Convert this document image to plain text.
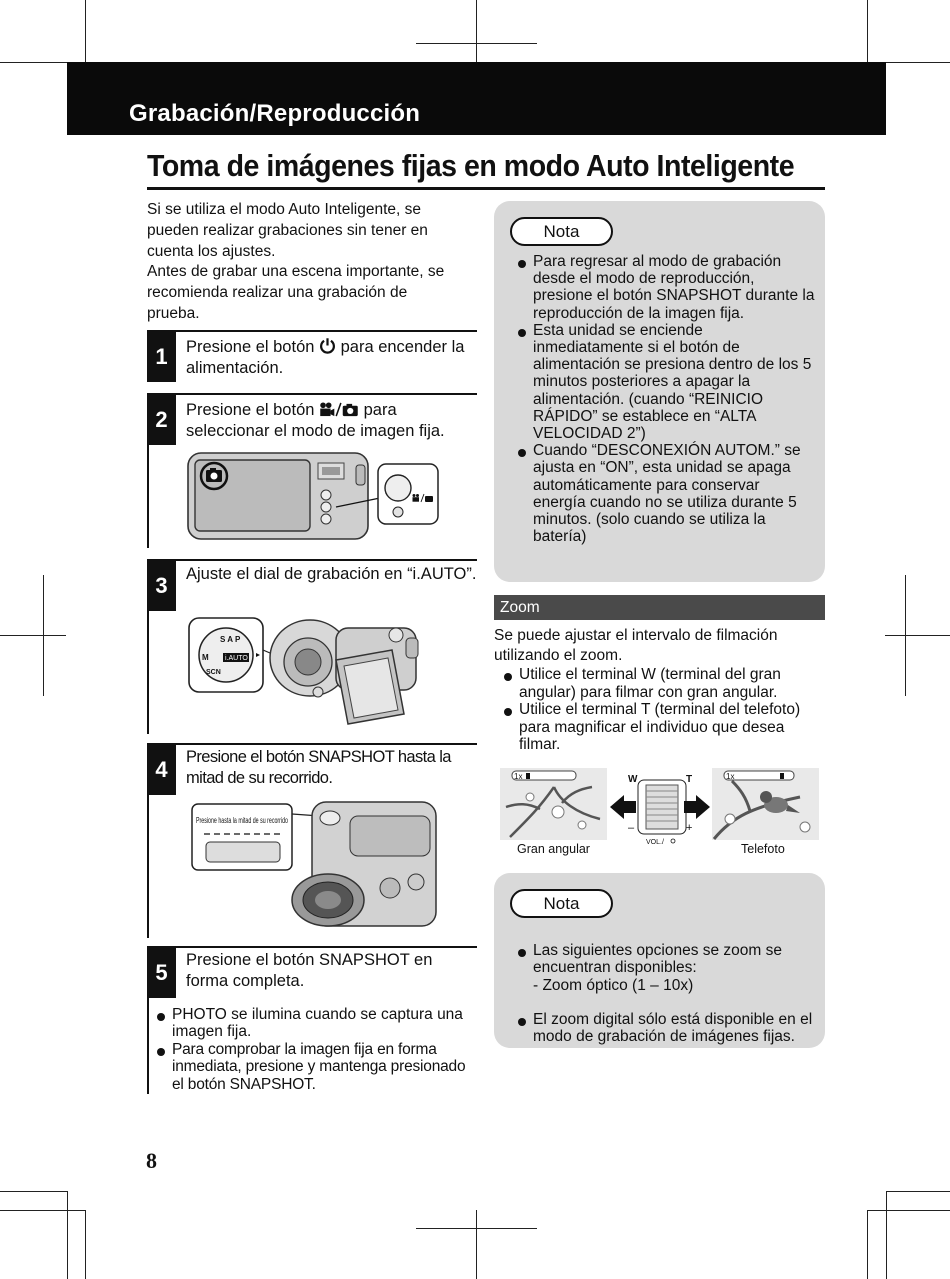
Grabación/Reproducción
Toma de imágenes fijas en modo Auto Inteligente
Si se utiliza el modo Auto Inteligente, se
pueden realizar grabaciones sin tener en
cuenta los ajustes.
Antes de grabar una escena importante, se
recomienda realizar una grabación de
prueba.
1	Presione el botón  para encender la alimentación.
2	Presione el botón  para seleccionar el modo de imagen fija.
3	Ajuste el dial de grabación en “i.AUTO”.
S A P
M
SCN
i.AUTO
4	Presione el botón SNAPSHOT hasta la mitad de su recorrido.
Presione hasta la mitad de su recorrido
5	Presione el botón SNAPSHOT en forma completa.
PHOTO se ilumina cuando se captura una imagen fija.
Para comprobar la imagen fija en forma inmediata, presione y mantenga presionado el botón SNAPSHOT.
Nota
Para regresar al modo de grabación desde el modo de reproducción, presione el botón SNAPSHOT durante la reproducción de la imagen fija.
Esta unidad se enciende inmediatamente si el botón de alimentación se presiona dentro de los 5 minutos posteriores a apagar la alimentación. (cuando “REINICIO RÁPIDO” se establece en “ALTA VELOCIDAD 2”)
Cuando “DESCONEXIÓN AUTOM.” se ajusta en “ON”, esta unidad se apaga automáticamente para conservar energía cuando no se utiliza durante 5 minutos. (solo cuando se utiliza la batería)
Zoom
Se puede ajustar el intervalo de filmación utilizando el zoom.
Utilice el terminal W (terminal del gran angular) para filmar con gran angular.
Utilice el terminal T (terminal del telefoto) para magnificar el individuo que desea filmar.
1x	W	T
–	+
VOL./
1x
Gran angular	Telefoto
Nota

Las siguientes opciones se zoom se encuentran disponibles:
- Zoom óptico (1 – 10x)

El zoom digital sólo está disponible en el modo de grabación de imágenes fijas.

8
